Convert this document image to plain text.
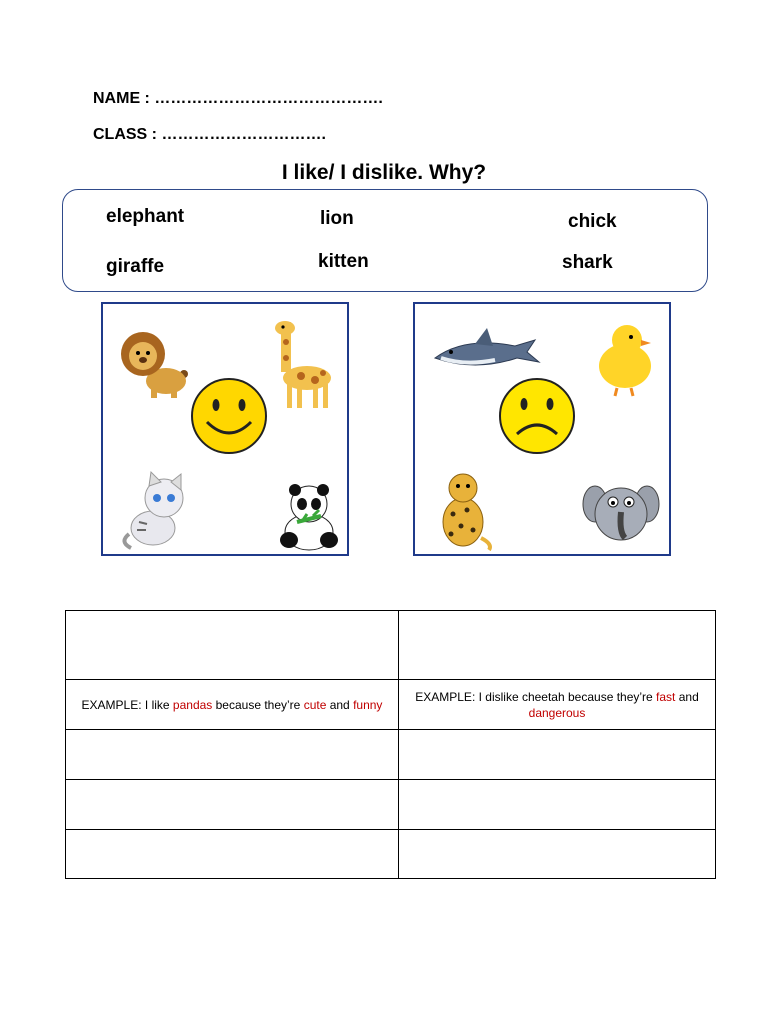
NAME : …………………………………….
CLASS : ………………………….
I like/ I dislike. Why?
elephant	lion	chick
giraffe	kitten	shark

EXAMPLE: I like pandas because they’re cute and funny	EXAMPLE: I dislike cheetah because they’re fast and dangerous
